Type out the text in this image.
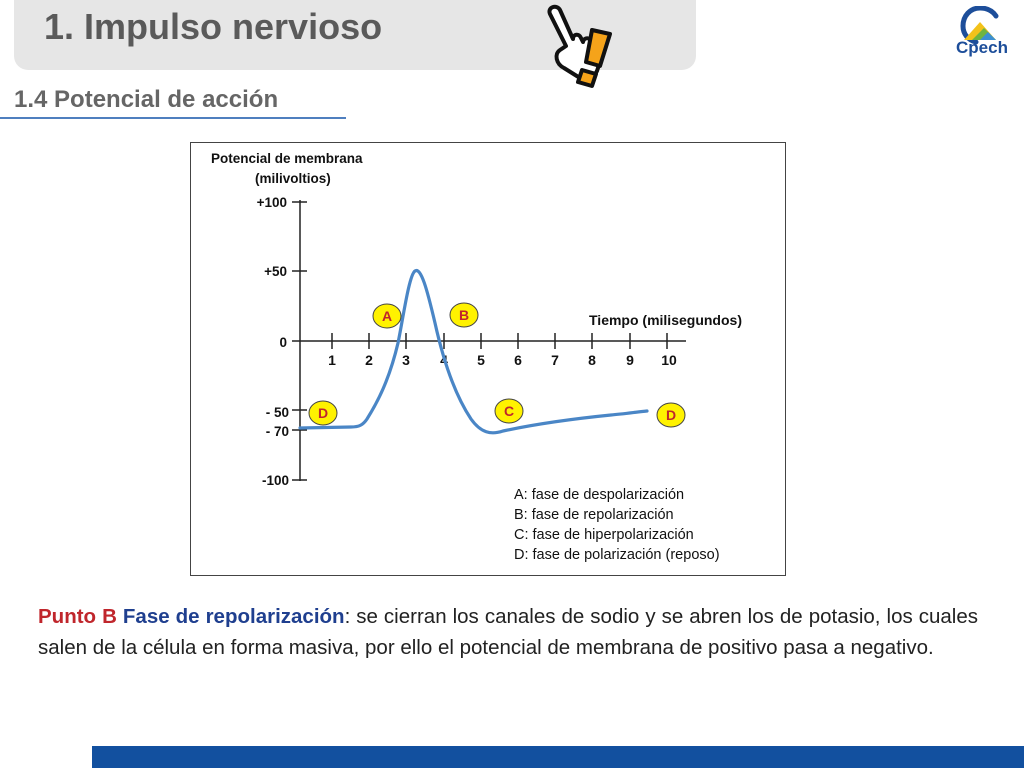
1. Impulso nervioso
Cpech
1.4 Potencial de acción
Potencial de membrana
(milivoltios)
+100
+50
0
- 50
- 70
-100
1 2 3 4 5 6 7 8 9 10
Tiempo (milisegundos)
A	B
C
D	D
A: fase de despolarización
B: fase de repolarización
C: fase de hiperpolarización
D: fase de polarización (reposo)
Punto B Fase de repolarización: se cierran los canales de sodio y se abren los de potasio, los cuales salen de la célula en forma masiva, por ello el potencial de membrana de positivo pasa a negativo.
